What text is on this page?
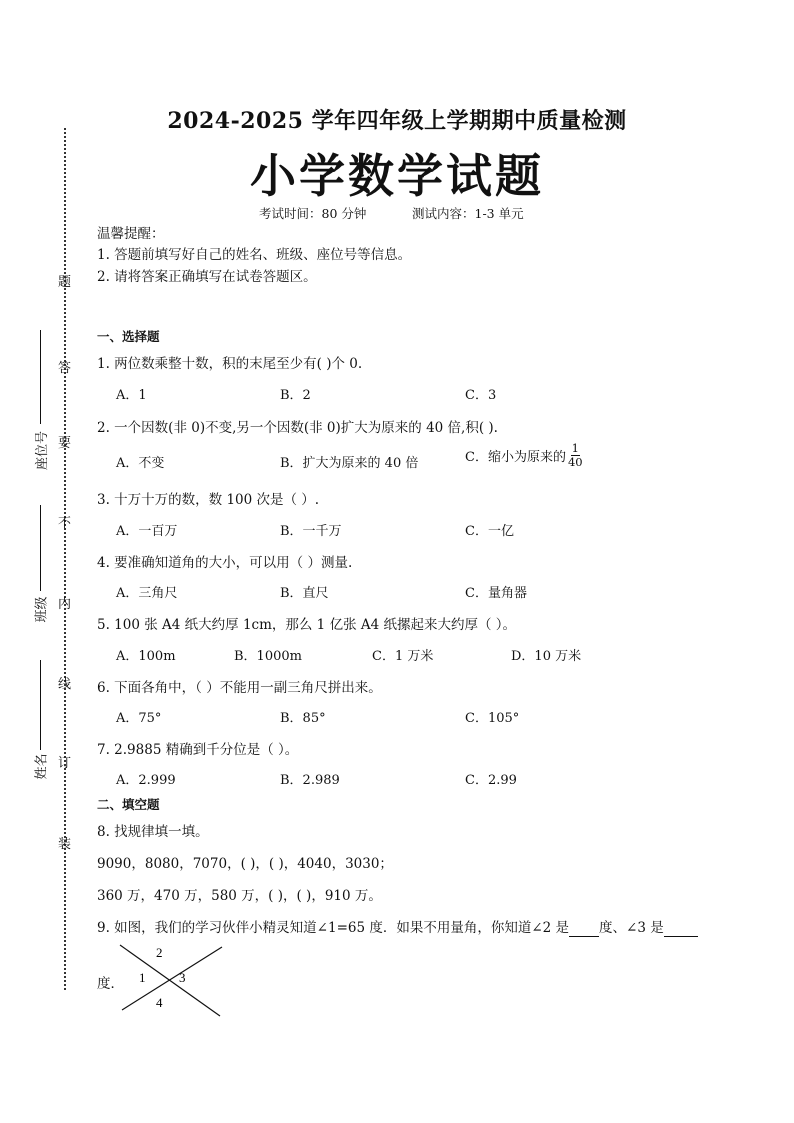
题
答
要
不
内
线
订
装
座位号
班级
姓名
2024-2025 学年四年级上学期期中质量检测
小学数学试题
考试时间：80 分钟	测试内容：1-3 单元
温馨提醒：
1. 答题前填写好自己的姓名、班级、座位号等信息。
2. 请将答案正确填写在试卷答题区。
一、选择题
1. 两位数乘整十数，积的末尾至少有( )个 0.
A．1	B．2	C．3
2. 一个因数(非 0)不变,另一个因数(非 0)扩大为原来的 40 倍,积( ).
A．不变	B．扩大为原来的 40 倍	C．缩小为原来的 $\frac{1}{40}$
3. 十万十万的数，数 100 次是（ ）.
A．一百万	B．一千万	C．一亿
4. 要准确知道角的大小，可以用（ ）测量.
A．三角尺	B．直尺	C．量角器
5. 100 张 A4 纸大约厚 1cm，那么 1 亿张 A4 纸摞起来大约厚（ ）。
A．100m	B．1000m	C．1 万米	D．10 万米
6. 下面各角中，（ ）不能用一副三角尺拼出来。
A．75°	B．85°	C．105°
7. 2.9885 精确到千分位是（ ）。
A．2.999	B．2.989	C．2.99
二、填空题
8. 找规律填一填。
9090，8080，7070，( )，( )，4040，3030；
360 万，470 万，580 万，( )，( )，910 万。
9. 如图，我们的学习伙伴小精灵知道∠1=65 度．如果不用量角，你知道∠2 是 度、∠3 是
度． 1
2
3
4
